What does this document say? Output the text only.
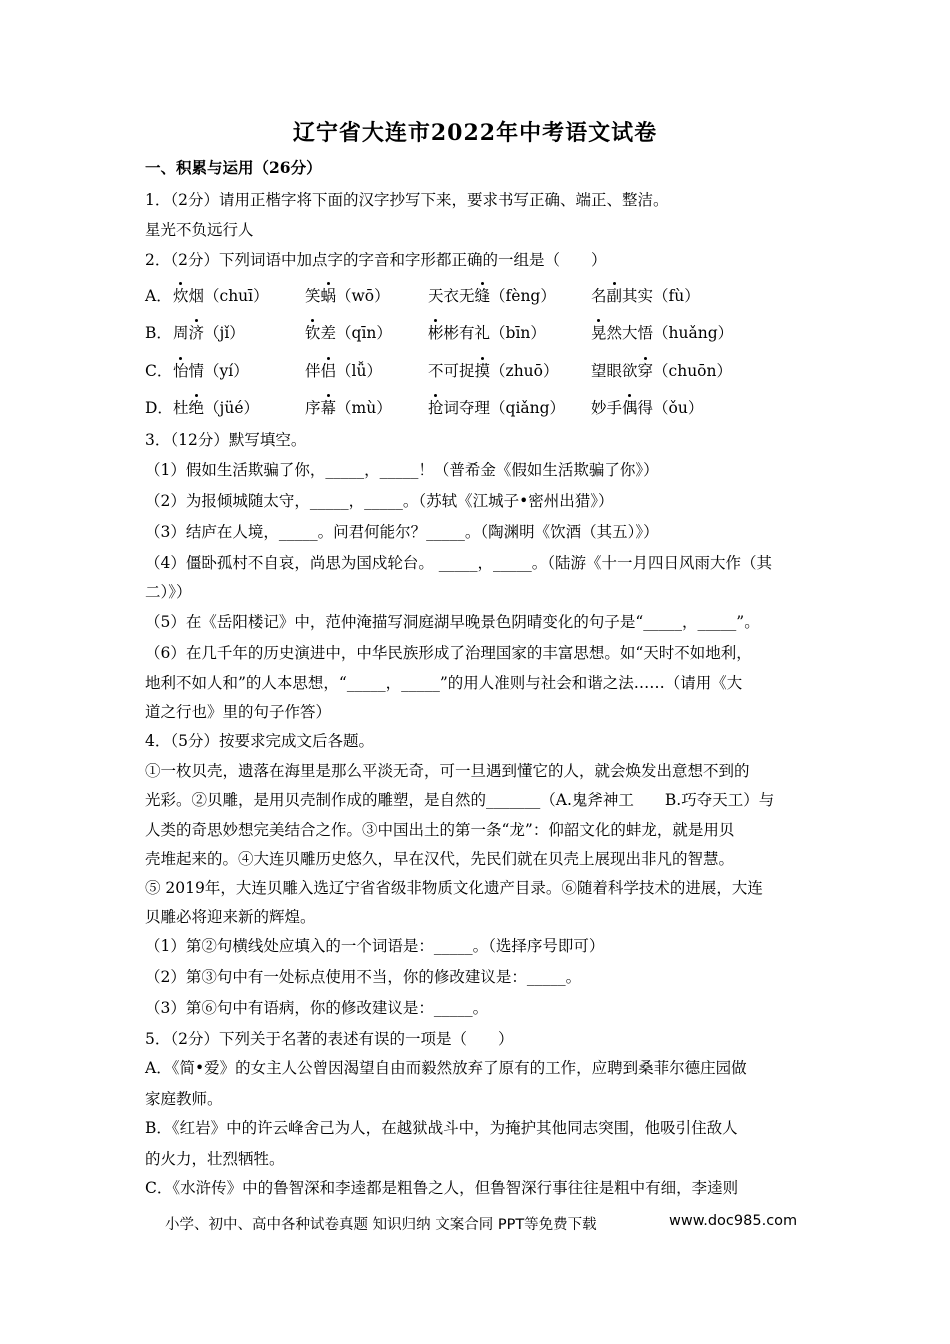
辽宁省大连市2022年中考语文试卷
一、积累与运用（26分）
1．（2分）请用正楷字将下面的汉字抄写下来，要求书写正确、端正、整洁。
星光不负远行人
2．（2分）下列词语中加点字的字音和字形都正确的一组是（　　）
A． 炊烟（chuī） 笑蜗（wō） 天衣无缝（fèng） 名副其实（fù）
B． 周济（jǐ）	钦差（qīn） 彬彬有礼（bīn）	晃然大悟（huǎng）
C． 怡情（yí）	伴侣（lǚ）	不可捉摸（zhuō） 望眼欲穿（chuōn）
D． 杜绝（jüé）	序幕（mù） 抢词夺理（qiǎng） 妙手偶得（ǒu）
3．（12分）默写填空。
（1）假如生活欺骗了你，_____，_____！（普希金《假如生活欺骗了你》）
（2）为报倾城随太守，_____，_____。（苏轼《江城子•密州出猎》）
（3）结庐在人境，_____。问君何能尔？_____。（陶渊明《饮酒（其五）》）
（4）僵卧孤村不自哀，尚思为国戍轮台。 _____，_____。（陆游《十一月四日风雨大作（其
二）》）
（5）在《岳阳楼记》中，范仲淹描写洞庭湖早晚景色阴晴变化的句子是“_____，_____”。
（6）在几千年的历史演进中，中华民族形成了治理国家的丰富思想。如“天时不如地利，
地利不如人和”的人本思想，“_____，_____”的用人准则与社会和谐之法……（请用《大
道之行也》里的句子作答）
4．（5分）按要求完成文后各题。
①一枚贝壳，遗落在海里是那么平淡无奇，可一旦遇到懂它的人，就会焕发出意想不到的
光彩。②贝雕，是用贝壳制作成的雕塑，是自然的_______（A.鬼斧神工　　B.巧夺天工）与
人类的奇思妙想完美结合之作。③中国出土的第一条“龙”：仰韶文化的蚌龙，就是用贝
壳堆起来的。④大连贝雕历史悠久，早在汉代，先民们就在贝壳上展现出非凡的智慧。
⑤ 2019年，大连贝雕入选辽宁省省级非物质文化遗产目录。⑥随着科学技术的进展，大连
贝雕必将迎来新的辉煌。
（1）第②句横线处应填入的一个词语是：_____。（选择序号即可）
（2）第③句中有一处标点使用不当，你的修改建议是：_____。
（3）第⑥句中有语病，你的修改建议是：_____。
5．（2分）下列关于名著的表述有误的一项是（　　）
A．《简•爱》的女主人公曾因渴望自由而毅然放弃了原有的工作，应聘到桑菲尔德庄园做
家庭教师。
B．《红岩》中的许云峰舍己为人，在越狱战斗中，为掩护其他同志突围，他吸引住敌人
的火力，壮烈牺牲。
C．《水浒传》中的鲁智深和李逵都是粗鲁之人，但鲁智深行事往往是粗中有细，李逵则
小学、初中、高中各种试卷真题 知识归纳 文案合同 PPT等免费下载	www.doc985.com
